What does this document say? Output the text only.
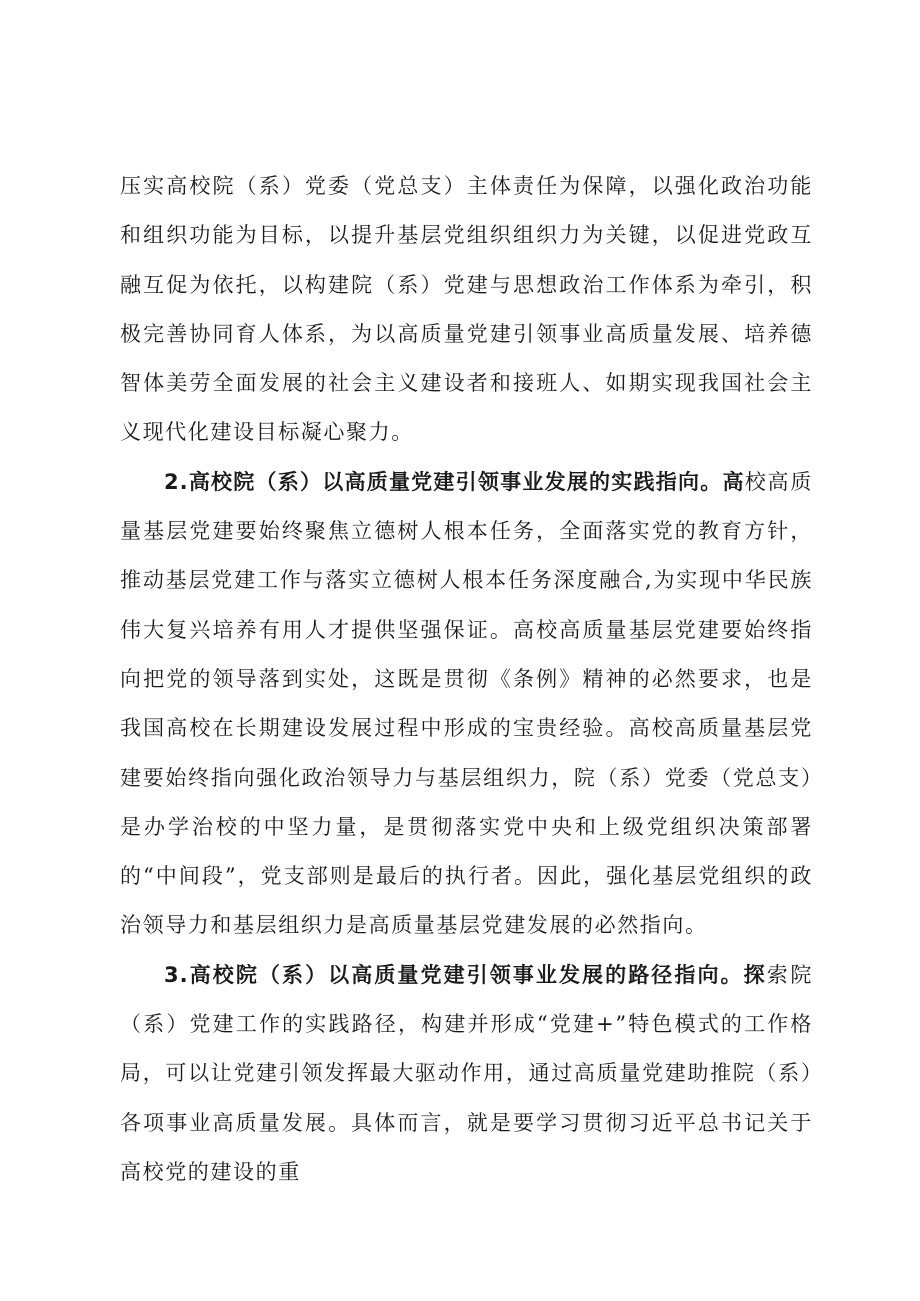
压实高校院（系）党委（党总支）主体责任为保障，以强化政治功能和组织功能为目标，以提升基层党组织组织力为关键，以促进党政互融互促为依托，以构建院（系）党建与思想政治工作体系为牵引，积极完善协同育人体系，为以高质量党建引领事业高质量发展、培养德智体美劳全面发展的社会主义建设者和接班人、如期实现我国社会主义现代化建设目标凝心聚力。

2.高校院（系）以高质量党建引领事业发展的实践指向。高校高质量基层党建要始终聚焦立德树人根本任务，全面落实党的教育方针，推动基层党建工作与落实立德树人根本任务深度融合,为实现中华民族伟大复兴培养有用人才提供坚强保证。高校高质量基层党建要始终指向把党的领导落到实处，这既是贯彻《条例》精神的必然要求，也是我国高校在长期建设发展过程中形成的宝贵经验。高校高质量基层党建要始终指向强化政治领导力与基层组织力，院（系）党委（党总支）是办学治校的中坚力量，是贯彻落实党中央和上级党组织决策部署的“中间段”，党支部则是最后的执行者。因此，强化基层党组织的政治领导力和基层组织力是高质量基层党建发展的必然指向。

3.高校院（系）以高质量党建引领事业发展的路径指向。探索院（系）党建工作的实践路径，构建并形成“党建+”特色模式的工作格局，可以让党建引领发挥最大驱动作用，通过高质量党建助推院（系）各项事业高质量发展。具体而言，就是要学习贯彻习近平总书记关于高校党的建设的重
